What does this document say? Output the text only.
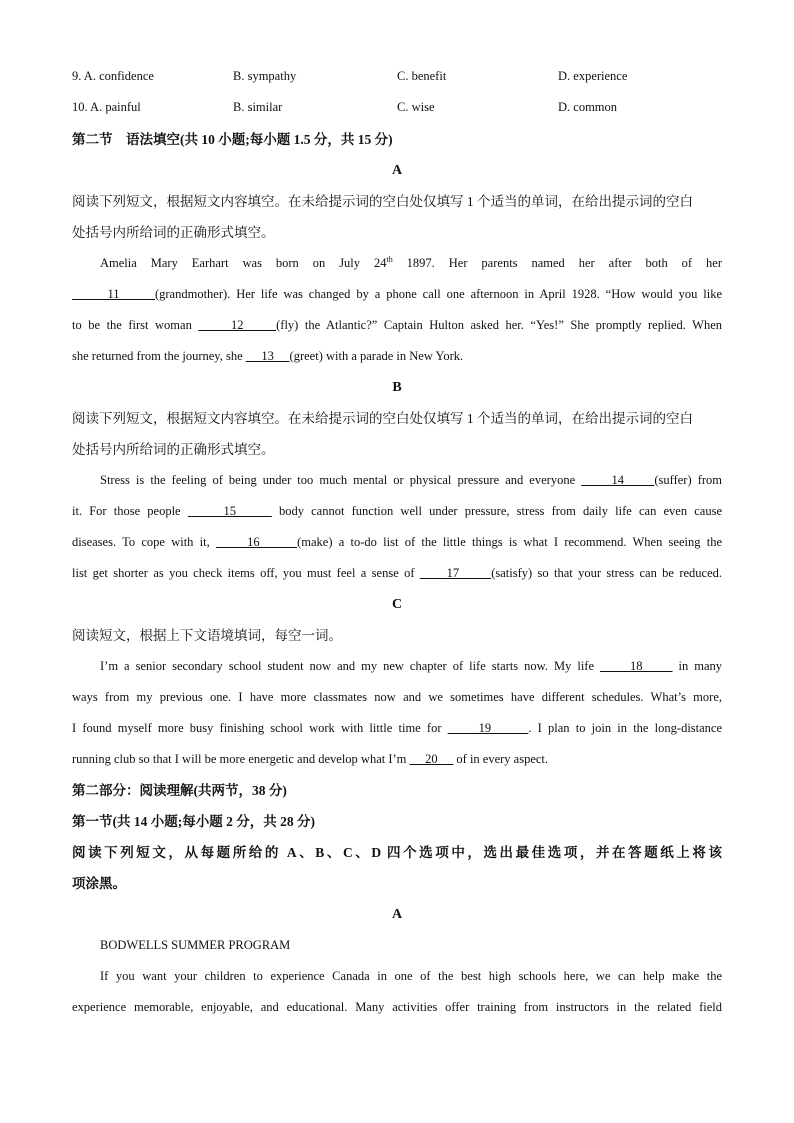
9. A. confidence	B. sympathy	C. benefit	D. experience
10. A. painful	B. similar	C. wise	D. common
第二节　语法填空(共 10 小题;每小题 1.5 分，共 15 分)
A
阅读下列短文，根据短文内容填空。在未给提示词的空白处仅填写 1 个适当的单词，在给出提示词的空白
处括号内所给词的正确形式填空。
Amelia Mary Earhart was born on July 24th 1897. Her parents named her after both of her
11      (grandmother). Her life was changed by a phone call one afternoon in April 1928. “How would you like
to be the first woman      12     (fly) the Atlantic?” Captain Hulton asked her. “Yes!” She promptly replied. When
she returned from the journey, she      13     (greet) with a parade in New York.
B
阅读下列短文，根据短文内容填空。在未给提示词的空白处仅填写 1 个适当的单词，在给出提示词的空白
处括号内所给词的正确形式填空。
Stress is the feeling of being under too much mental or physical pressure and everyone      14     (suffer) from
it. For those people      15      body cannot function well under pressure, stress from daily life can even cause
diseases. To cope with it,      16      (make) a to-do list of the little things is what I recommend. When seeing the
list get shorter as you check items off, you must feel a sense of      17      (satisfy) so that your stress can be reduced.
C
阅读短文，根据上下文语境填词，每空一词。
I’m a senior secondary school student now and my new chapter of life starts now. My life      18      in many
ways from my previous one. I have more classmates now and we sometimes have different schedules. What’s more,
I found myself more busy finishing school work with little time for      19      . I plan to join in the long-distance
running club so that I will be more energetic and develop what I’m      20      of in every aspect.
第二部分：阅读理解(共两节，38 分)
第一节(共 14 小题;每小题 2 分，共 28 分)
阅读下列短文，从每题所给的 A、B、C、D 四个选项中，选出最佳选项，并在答题纸上将该
项涂黑。
A
BODWELLS SUMMER PROGRAM
If you want your children to experience Canada in one of the best high schools here, we can help make the
experience memorable, enjoyable, and educational. Many activities offer training from instructors in the related field
